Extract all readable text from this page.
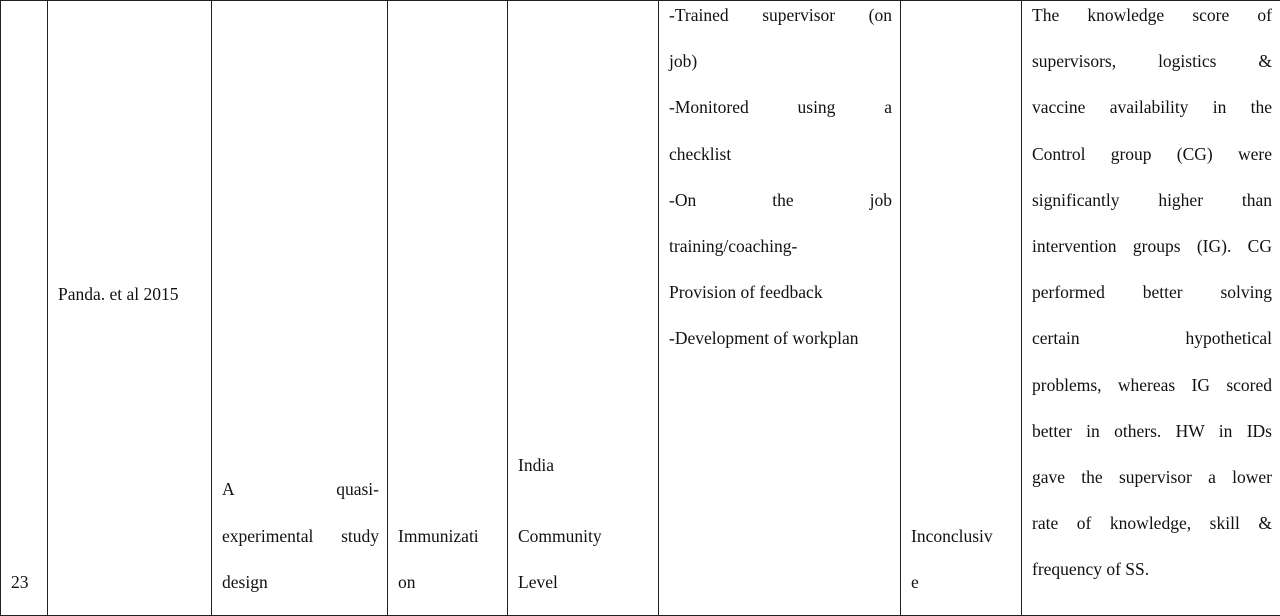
23	
Panda. et al 2015

A quasi-
experimental study
design

Immunizati
on

India
Community
Level

-Trained supervisor (on
job)
-Monitored using a
checklist
-On the job
training/coaching-
Provision of feedback
-Development of workplan

Inconclusiv
e

The knowledge score of
supervisors, logistics &
vaccine availability in the
Control group (CG) were
significantly higher than
intervention groups (IG). CG
performed better solving
certain hypothetical
problems, whereas IG scored
better in others. HW in IDs
gave the supervisor a lower
rate of knowledge, skill &
frequency of SS.
